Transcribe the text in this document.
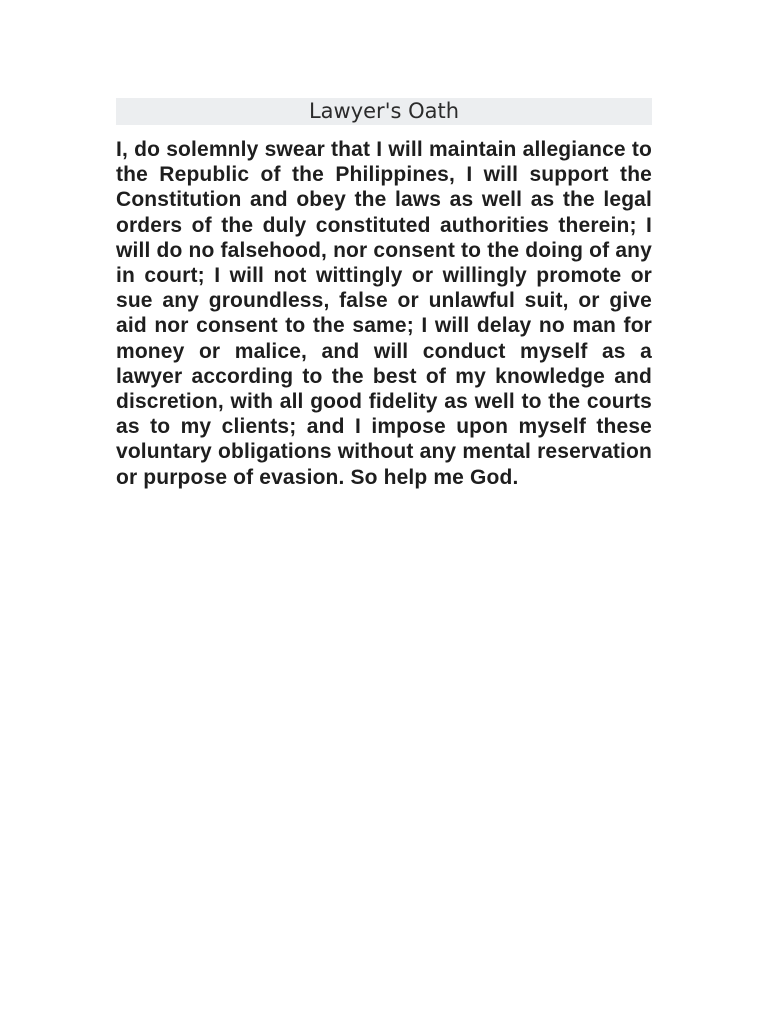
Lawyer's Oath

I, do solemnly swear that I will maintain allegiance to the Republic of the Philippines, I will support the Constitution and obey the laws as well as the legal orders of the duly constituted authorities therein; I will do no falsehood, nor consent to the doing of any in court; I will not wittingly or willingly promote or sue any groundless, false or unlawful suit, or give aid nor consent to the same; I will delay no man for money or malice, and will conduct myself as a lawyer according to the best of my knowledge and discretion, with all good fidelity as well to the courts as to my clients; and I impose upon myself these voluntary obligations without any mental reservation or purpose of evasion. So help me God.
